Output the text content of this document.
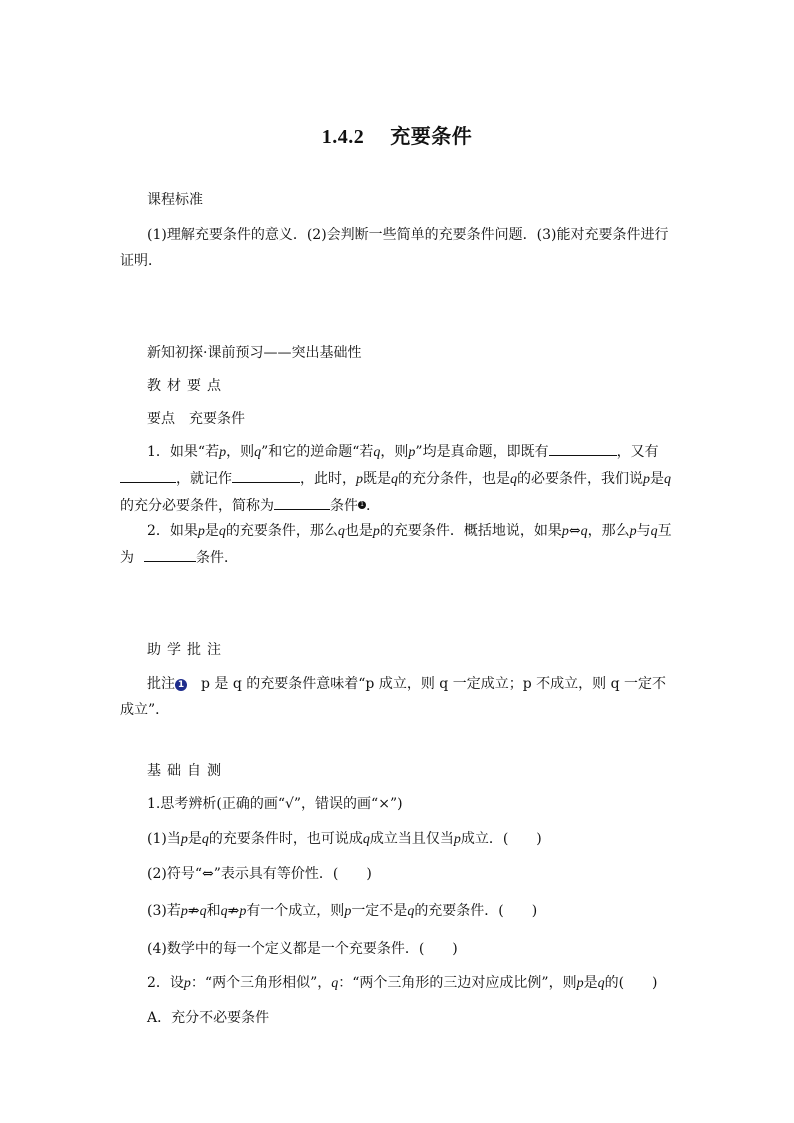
1.4.2 充要条件
课程标准
(1)理解充要条件的意义．(2)会判断一些简单的充要条件问题．(3)能对充要条件进行证明．
新知初探·课前预习——突出基础性
教材要点
要点　充要条件
1．如果“若p，则q”和它的逆命题“若q，则p”均是真命题，即既有	，又有，就记作	，此时，p既是q的充分条件，也是q的必要条件，我们说p是q的充分必要条件，简称为	条件 1 .
2．如果p是q的充要条件，那么q也是p的充要条件．概括地说，如果p⇔q，那么p与q互为	条件．
助学批注
批注 1 p 是 q 的充要条件意味着“p 成立，则 q 一定成立；p 不成立，则 q 一定不成立”．
基础自测
1.思考辨析(正确的画“√”，错误的画“×”)
(1)当p是q的充要条件时，也可说成q成立当且仅当p成立．(　　)
(2)符号“⇔”表示具有等价性．(　　)
(3)若p⇏q和q⇏p有一个成立，则p一定不是q的充要条件．(　　)
(4)数学中的每一个定义都是一个充要条件．(　　)
2．设p：“两个三角形相似”，q：“两个三角形的三边对应成比例”，则p是q的(　　)
A．充分不必要条件
